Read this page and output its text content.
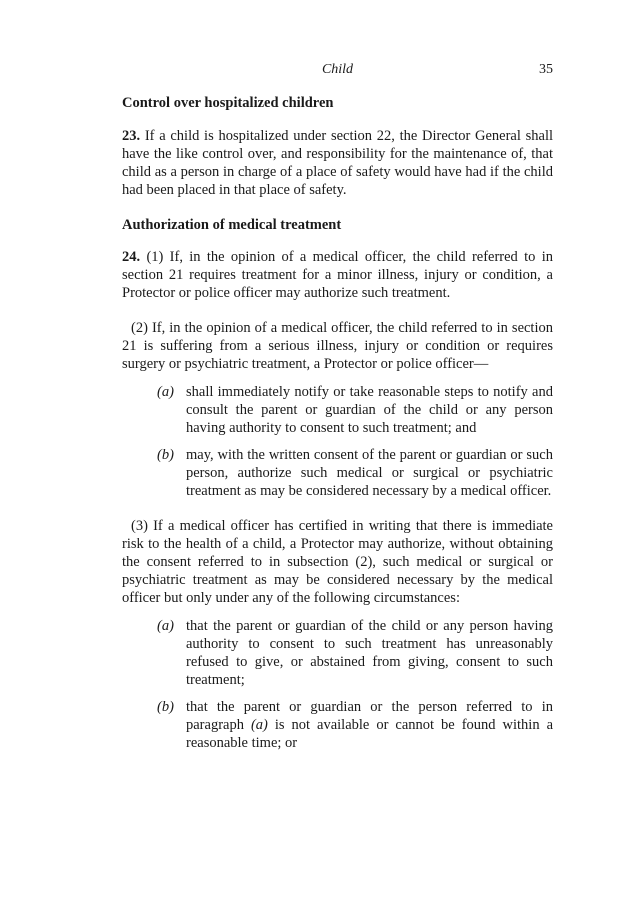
Child	35
Control over hospitalized children

23. If a child is hospitalized under section 22, the Director General shall have the like control over, and responsibility for the maintenance of, that child as a person in charge of a place of safety would have had if the child had been placed in that place of safety.

Authorization of medical treatment

24. (1) If, in the opinion of a medical officer, the child referred to in section 21 requires treatment for a minor illness, injury or condition, a Protector or police officer may authorize such treatment.

(2) If, in the opinion of a medical officer, the child referred to in section 21 is suffering from a serious illness, injury or condition or requires surgery or psychiatric treatment, a Protector or police officer—

(a) shall immediately notify or take reasonable steps to notify and consult the parent or guardian of the child or any person having authority to consent to such treatment; and
(b) may, with the written consent of the parent or guardian or such person, authorize such medical or surgical or psychiatric treatment as may be considered necessary by a medical officer.

(3) If a medical officer has certified in writing that there is immediate risk to the health of a child, a Protector may authorize, without obtaining the consent referred to in subsection (2), such medical or surgical or psychiatric treatment as may be considered necessary by the medical officer but only under any of the following circumstances:

(a) that the parent or guardian of the child or any person having authority to consent to such treatment has unreasonably refused to give, or abstained from giving, consent to such treatment;
(b) that the parent or guardian or the person referred to in paragraph (a) is not available or cannot be found within a reasonable time; or
